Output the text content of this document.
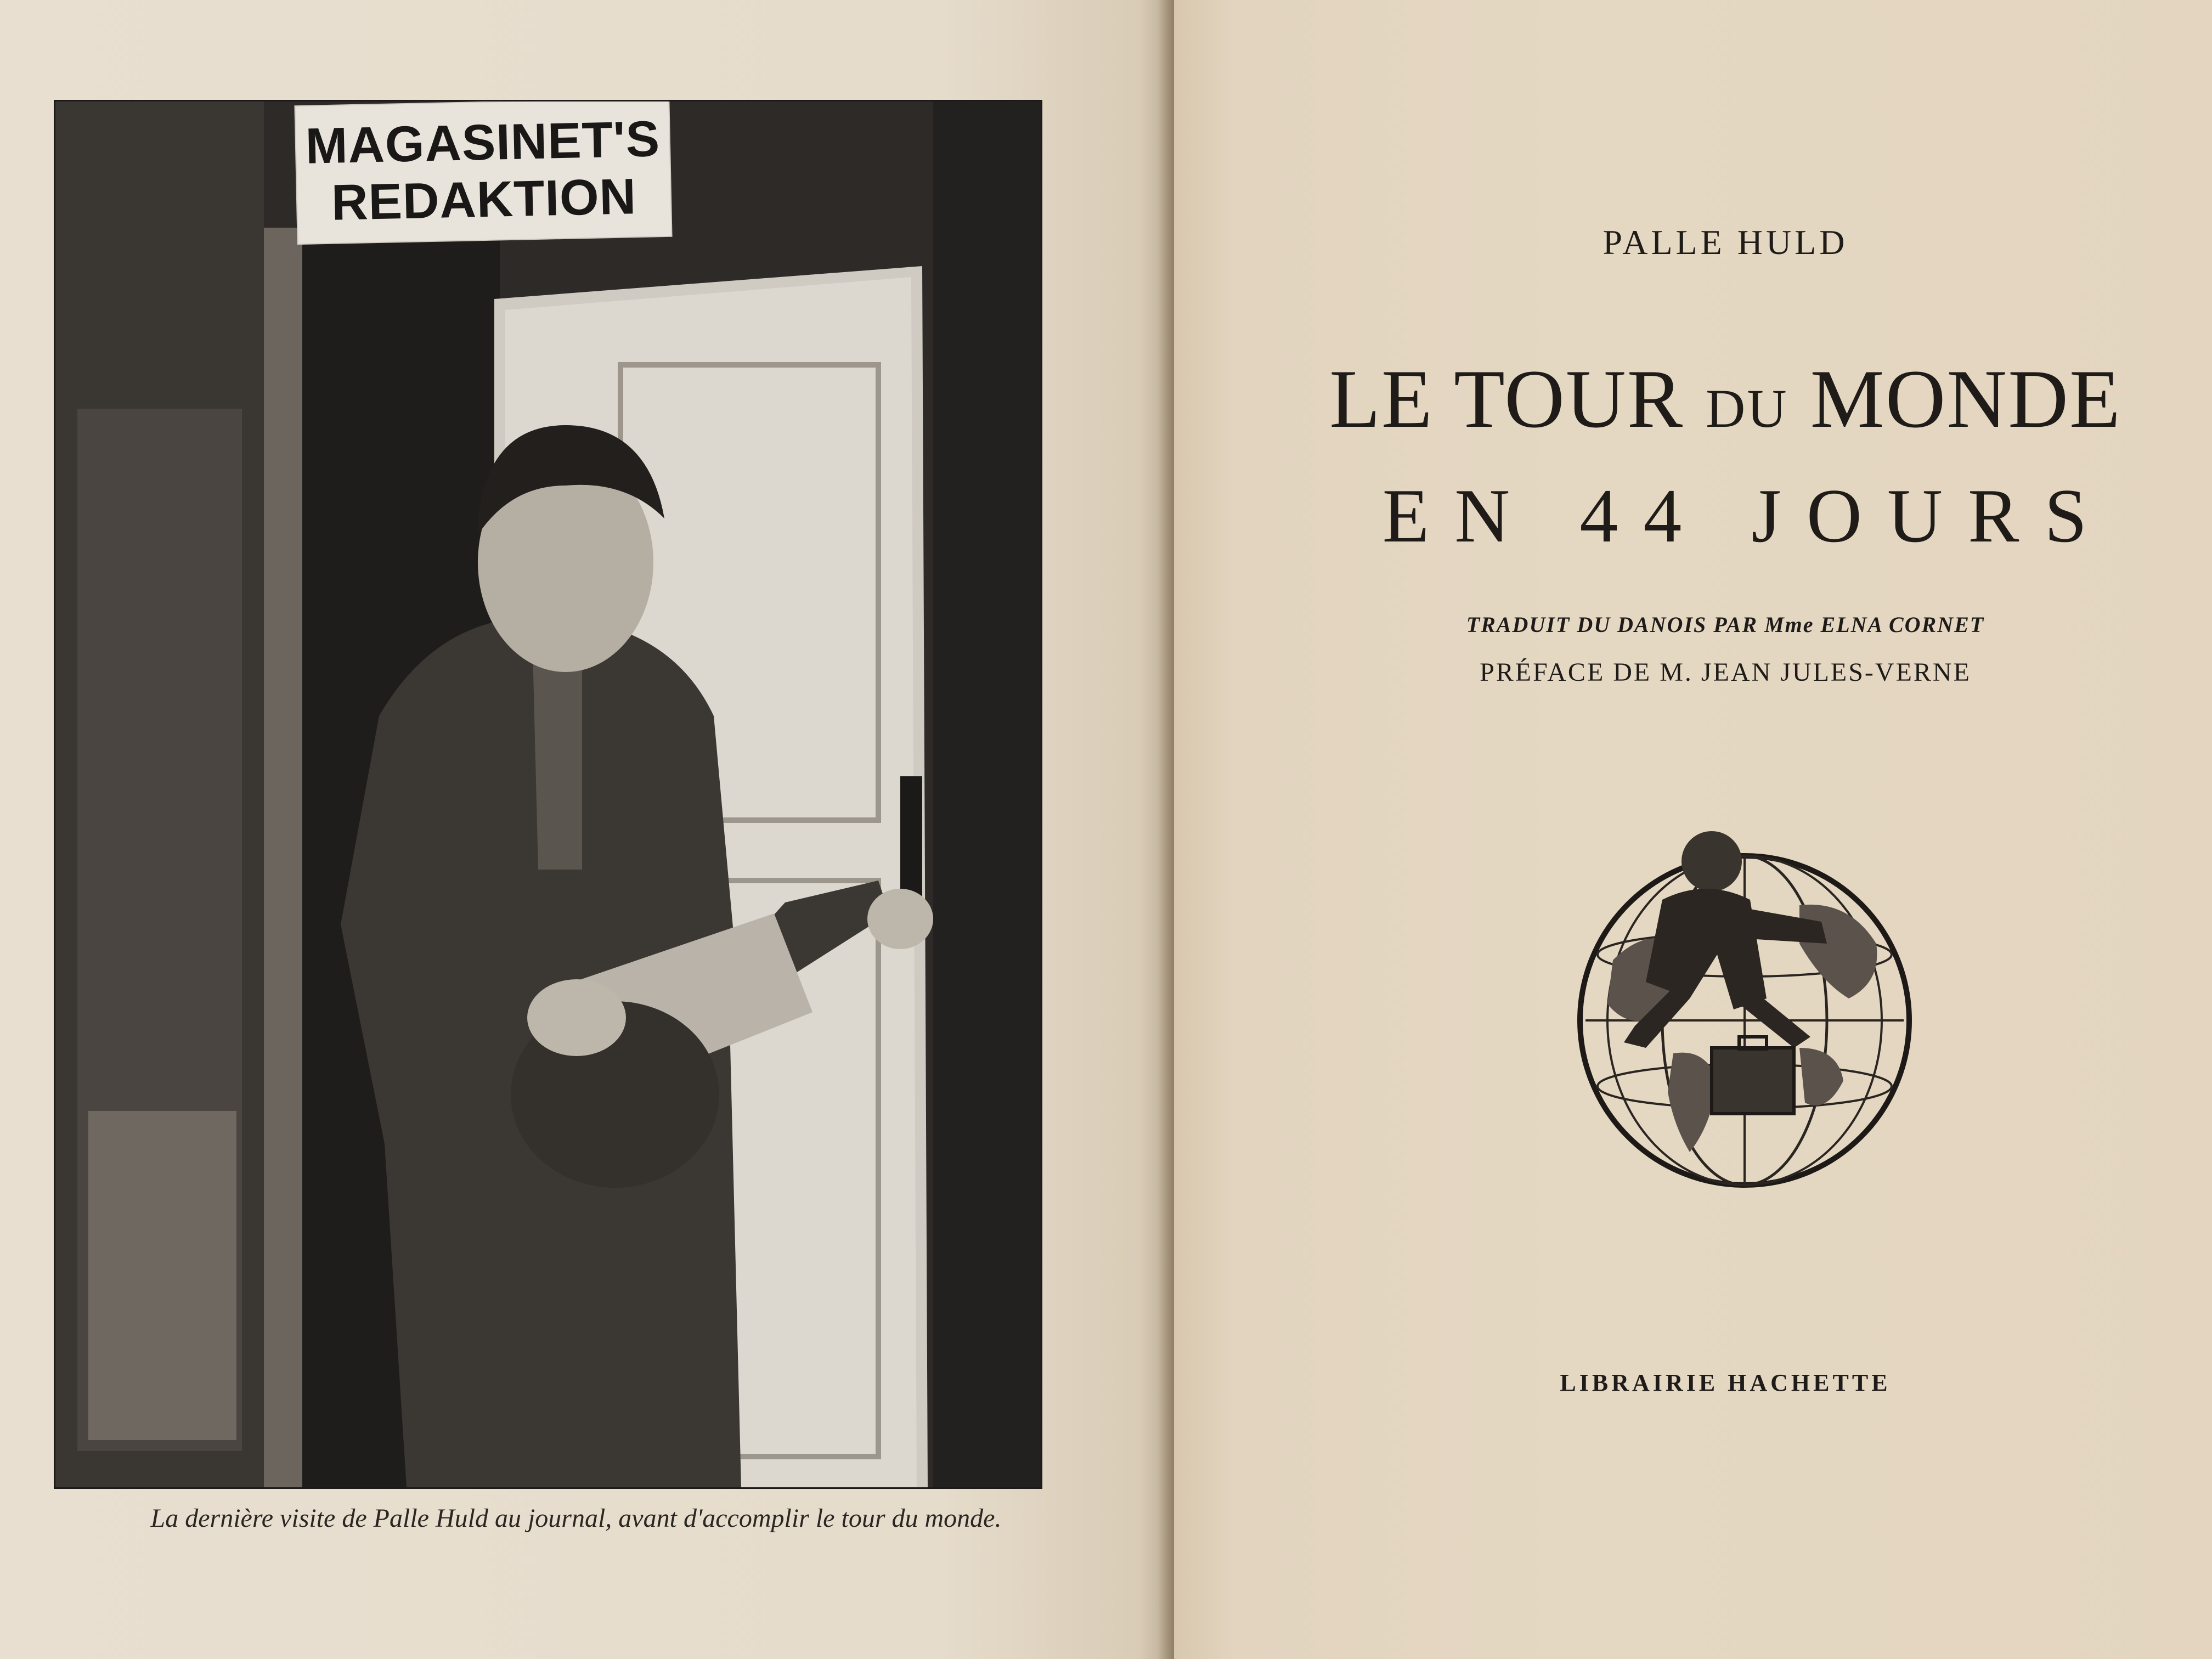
MAGASINET'S
REDAKTION
La dernière visite de Palle Huld au journal, avant d'accomplir le tour du monde.
PALLE HULD
LE TOUR DU MONDE
EN 44 JOURS
TRADUIT DU DANOIS PAR Mme ELNA CORNET
PRÉFACE DE M. JEAN JULES-VERNE
LIBRAIRIE HACHETTE
